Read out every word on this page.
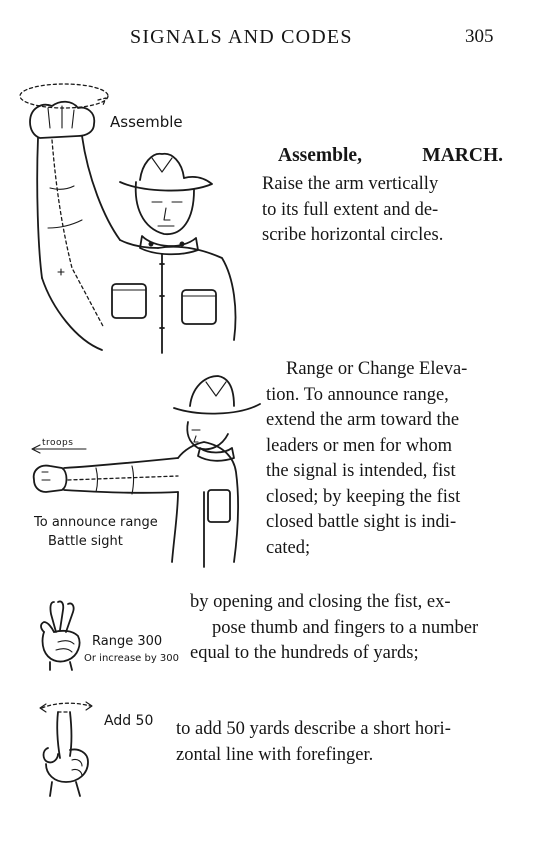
SIGNALS AND CODES	305
Assemble
Assemble,	MARCH.
Raise the arm vertically
to its full extent and de-
scribe horizontal circles.
troops
To announce range
Battle sight
Range or Change Eleva-
tion. To announce range,
extend the arm toward the
leaders or men for whom
the signal is intended, fist
closed; by keeping the fist
closed battle sight is indi-
cated;
Range 300
Or increase by 300
by opening and closing the fist, ex-
pose thumb and fingers to a number
equal to the hundreds of yards;
Add 50 to add 50 yards describe a short hori-
zontal line with forefinger.
